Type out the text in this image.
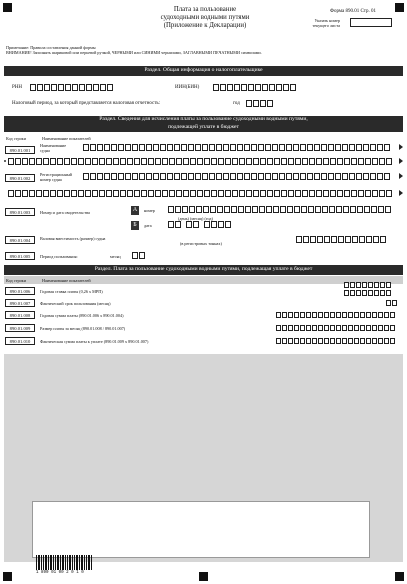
Плата за пользование
судоходными водными путями
(Приложение к Декларации)
Форма 890.01 Стр. 01
Указать номер
текущего листа
Примечание: Правила составления данной формы
ВНИМАНИЕ! Заполнять шариковой или перьевой ручкой, ЧЕРНЫМИ или СИНИМИ чернилами, ЗАГЛАВНЫМИ ПЕЧАТНЫМИ символами.
Раздел. Общая информация о налогоплательщике
РНН	ИИН(БИН)
Налоговый период, за который представляется налоговая отчетность:	год
Раздел. Сведения для исчисления платы за пользование судоходными водными путями,
подлежащей уплате в бюджет
Код строки	Наименование показателей
890.01.001
Наименование
судна
890.01.002
Регистрационный
номер судна
890.01.003	Номер и дата свидетельства	А	номер
(день) (месяц) (год)
Б	дата
890.01.004	Валовая вместимость (размер) судна
(в регистровых тоннах)
890.01.005	Период пользования:	месяц
Раздел. Плата за пользование судоходными водными путями, подлежащая уплате в бюджет
Код строки	Наименование показателей
890.01.006	Годовая ставка платы (0,26 х МРП)
890.01.007	Фактический срок пользования (месяц)
890.01.008	Годовая сумма платы (890.01.006 х 890.01.004)
890.01.009	Размер платы за месяц (890.01.008 / 890.01.007)
890.01.010	Фактическая сумма платы к уплате (890.01.009 х 890.01.007)
1 890 01 00 2 0 1 0
